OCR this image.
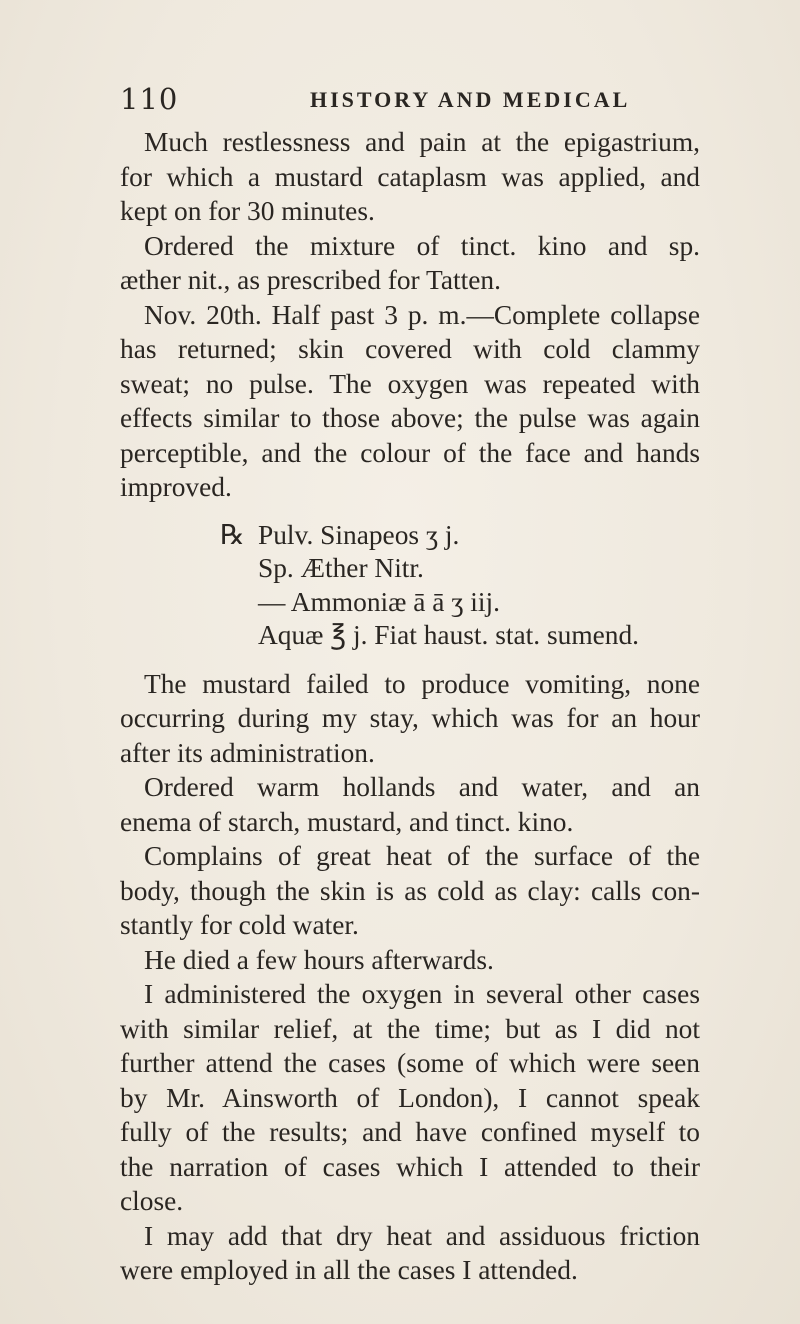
110	HISTORY AND MEDICAL
Much restlessness and pain at the epigastrium,
for which a mustard cataplasm was applied, and
kept on for 30 minutes.
Ordered the mixture of tinct. kino and sp.
æther nit., as prescribed for Tatten.
Nov. 20th. Half past 3 p. m.—Complete collapse
has returned; skin covered with cold clammy
sweat; no pulse. The oxygen was repeated with
effects similar to those above; the pulse was again
perceptible, and the colour of the face and hands
improved.
℞ Pulv. Sinapeos ʒ j.
Sp. Æther Nitr.
— Ammoniæ ā ā ʒ iij.
Aquæ ℥ j. Fiat haust. stat. sumend.
The mustard failed to produce vomiting, none
occurring during my stay, which was for an hour
after its administration.
Ordered warm hollands and water, and an
enema of starch, mustard, and tinct. kino.
Complains of great heat of the surface of the
body, though the skin is as cold as clay: calls con-
stantly for cold water.
He died a few hours afterwards.
I administered the oxygen in several other cases
with similar relief, at the time; but as I did not
further attend the cases (some of which were seen
by Mr. Ainsworth of London), I cannot speak
fully of the results; and have confined myself to
the narration of cases which I attended to their
close.
I may add that dry heat and assiduous friction
were employed in all the cases I attended.
